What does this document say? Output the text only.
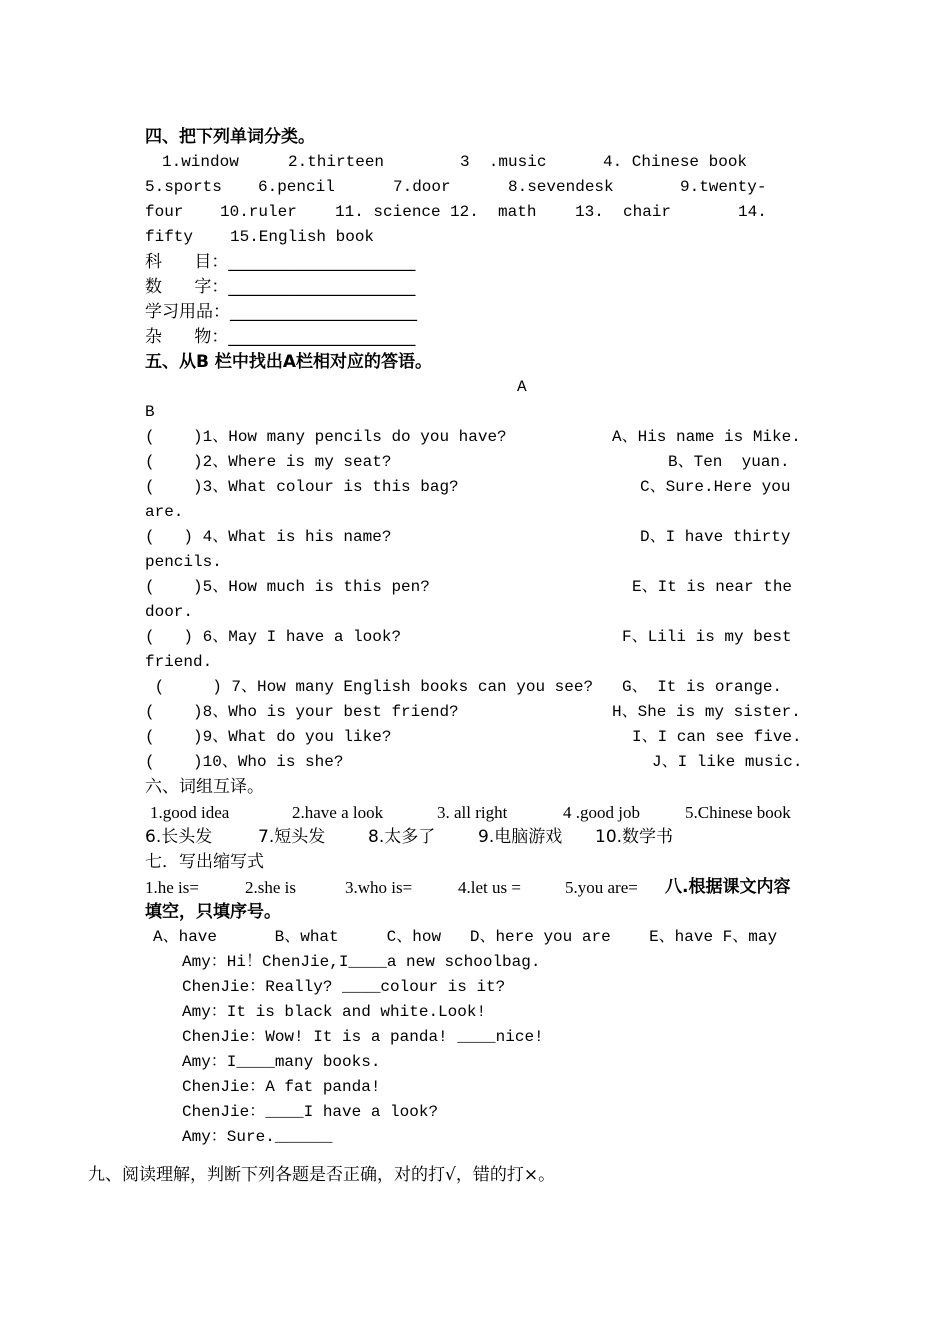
四、把下列单词分类。
1.window	2.thirteen	3  .music	4. Chinese book
5.sports 6.pencil	7.door	8.sevendesk	9.twenty-
four 10.ruler 11. science 12.  math 13.  chair	14.
fifty 15.English book
科      目：______________________
数      字：______________________
学习用品：______________________
杂      物：______________________
五、从B 栏中找出A栏相对应的答语。
A
B
(    )1、How many pencils do you have?	A、His name is Mike.
(    )2、Where is my seat?	B、Ten  yuan.
(    )3、What colour is this bag?	C、Sure.Here you
are.
(   ) 4、What is his name?	D、I have thirty
pencils.
(    )5、How much is this pen?	E、It is near the
door.
(   ) 6、May I have a look?	F、Lili is my best
friend.
(     ) 7、How many English books can you see? G、 It is orange.
(    )8、Who is your best friend?	H、She is my sister.
(    )9、What do you like?	I、I can see five.
(    )10、Who is she?	J、I like music.
六、词组互译。
1.good idea	2.have a look	3. all right	4 .good job	5.Chinese book
6.长头发	7.短头发	8.太多了	9.电脑游戏 10.数学书
七．写出缩写式
1.he is=	2.she is	3.who is=	4.let us =	5.you are= 八.根据课文内容
填空，只填序号。
A、have      B、what     C、how   D、here you are    E、have F、may
Amy：Hi！ChenJie,I____a new schoolbag.
ChenJie：Really? ____colour is it?
Amy：It is black and white.Look!
ChenJie：Wow! It is a panda! ____nice!
Amy：I____many books.
ChenJie：A fat panda!
ChenJie：____I have a look?
Amy：Sure.______
九、阅读理解，判断下列各题是否正确，对的打√，错的打×。
